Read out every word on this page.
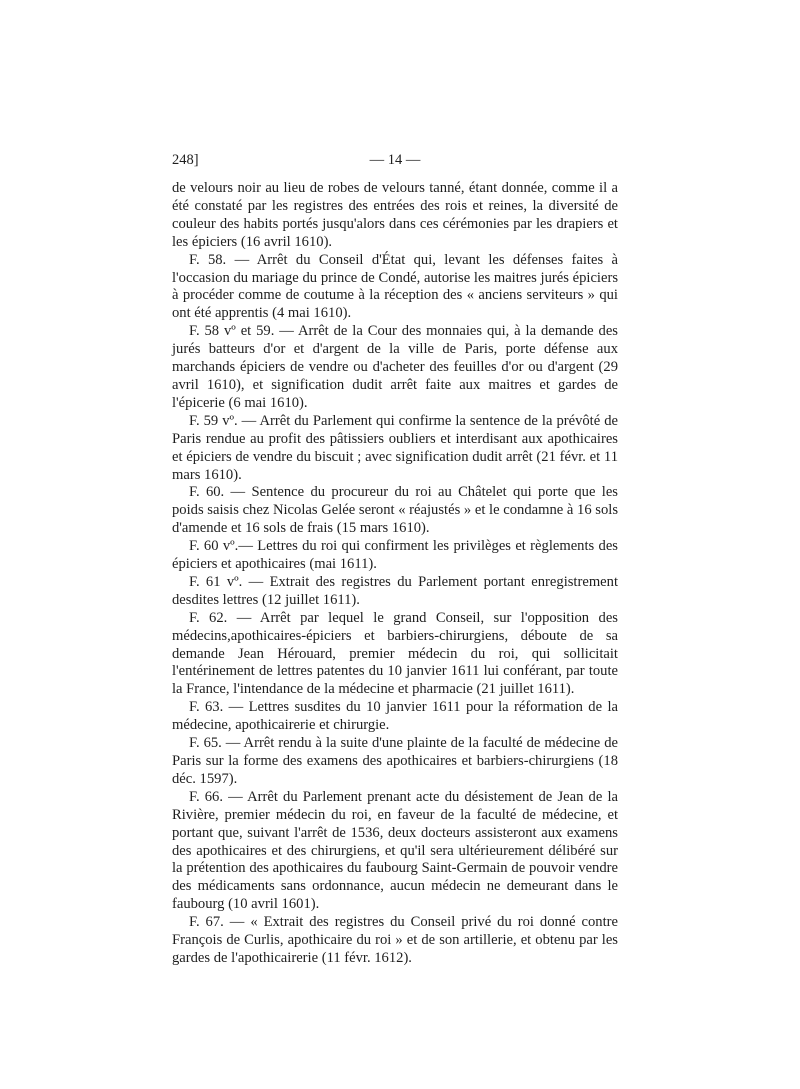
248]	— 14 —

de velours noir au lieu de robes de velours tanné, étant donnée, comme il a été constaté par les registres des entrées des rois et reines, la diversité de couleur des habits portés jusqu'alors dans ces cérémonies par les drapiers et les épiciers (16 avril 1610).

F. 58. — Arrêt du Conseil d'État qui, levant les défenses faites à l'occasion du mariage du prince de Condé, autorise les maitres jurés épiciers à procéder comme de coutume à la réception des « anciens serviteurs » qui ont été apprentis (4 mai 1610).

F. 58 vº et 59. — Arrêt de la Cour des monnaies qui, à la demande des jurés batteurs d'or et d'argent de la ville de Paris, porte défense aux marchands épiciers de vendre ou d'acheter des feuilles d'or ou d'argent (29 avril 1610), et signification dudit arrêt faite aux maitres et gardes de l'épicerie (6 mai 1610).

F. 59 vº. — Arrêt du Parlement qui confirme la sentence de la prévôté de Paris rendue au profit des pâtissiers oubliers et interdisant aux apothicaires et épiciers de vendre du biscuit ; avec signification dudit arrêt (21 févr. et 11 mars 1610).

F. 60. — Sentence du procureur du roi au Châtelet qui porte que les poids saisis chez Nicolas Gelée seront « réajustés » et le condamne à 16 sols d'amende et 16 sols de frais (15 mars 1610).

F. 60 vº.— Lettres du roi qui confirment les privilèges et règlements des épiciers et apothicaires (mai 1611).

F. 61 vº. — Extrait des registres du Parlement portant enregistrement desdites lettres (12 juillet 1611).

F. 62. — Arrêt par lequel le grand Conseil, sur l'opposition des médecins,apothicaires-épiciers et barbiers-chirurgiens, déboute de sa demande Jean Hérouard, premier médecin du roi, qui sollicitait l'entérinement de lettres patentes du 10 janvier 1611 lui conférant, par toute la France, l'intendance de la médecine et pharmacie (21 juillet 1611).

F. 63. — Lettres susdites du 10 janvier 1611 pour la réformation de la médecine, apothicairerie et chirurgie.

F. 65. — Arrêt rendu à la suite d'une plainte de la faculté de médecine de Paris sur la forme des examens des apothicaires et barbiers-chirurgiens (18 déc. 1597).

F. 66. — Arrêt du Parlement prenant acte du désistement de Jean de la Rivière, premier médecin du roi, en faveur de la faculté de médecine, et portant que, suivant l'arrêt de 1536, deux docteurs assisteront aux examens des apothicaires et des chirurgiens, et qu'il sera ultérieurement délibéré sur la prétention des apothicaires du faubourg Saint-Germain de pouvoir vendre des médicaments sans ordonnance, aucun médecin ne demeurant dans le faubourg (10 avril 1601).

F. 67. — « Extrait des registres du Conseil privé du roi donné contre François de Curlis, apothicaire du roi » et de son artillerie, et obtenu par les gardes de l'apothicairerie (11 févr. 1612).
